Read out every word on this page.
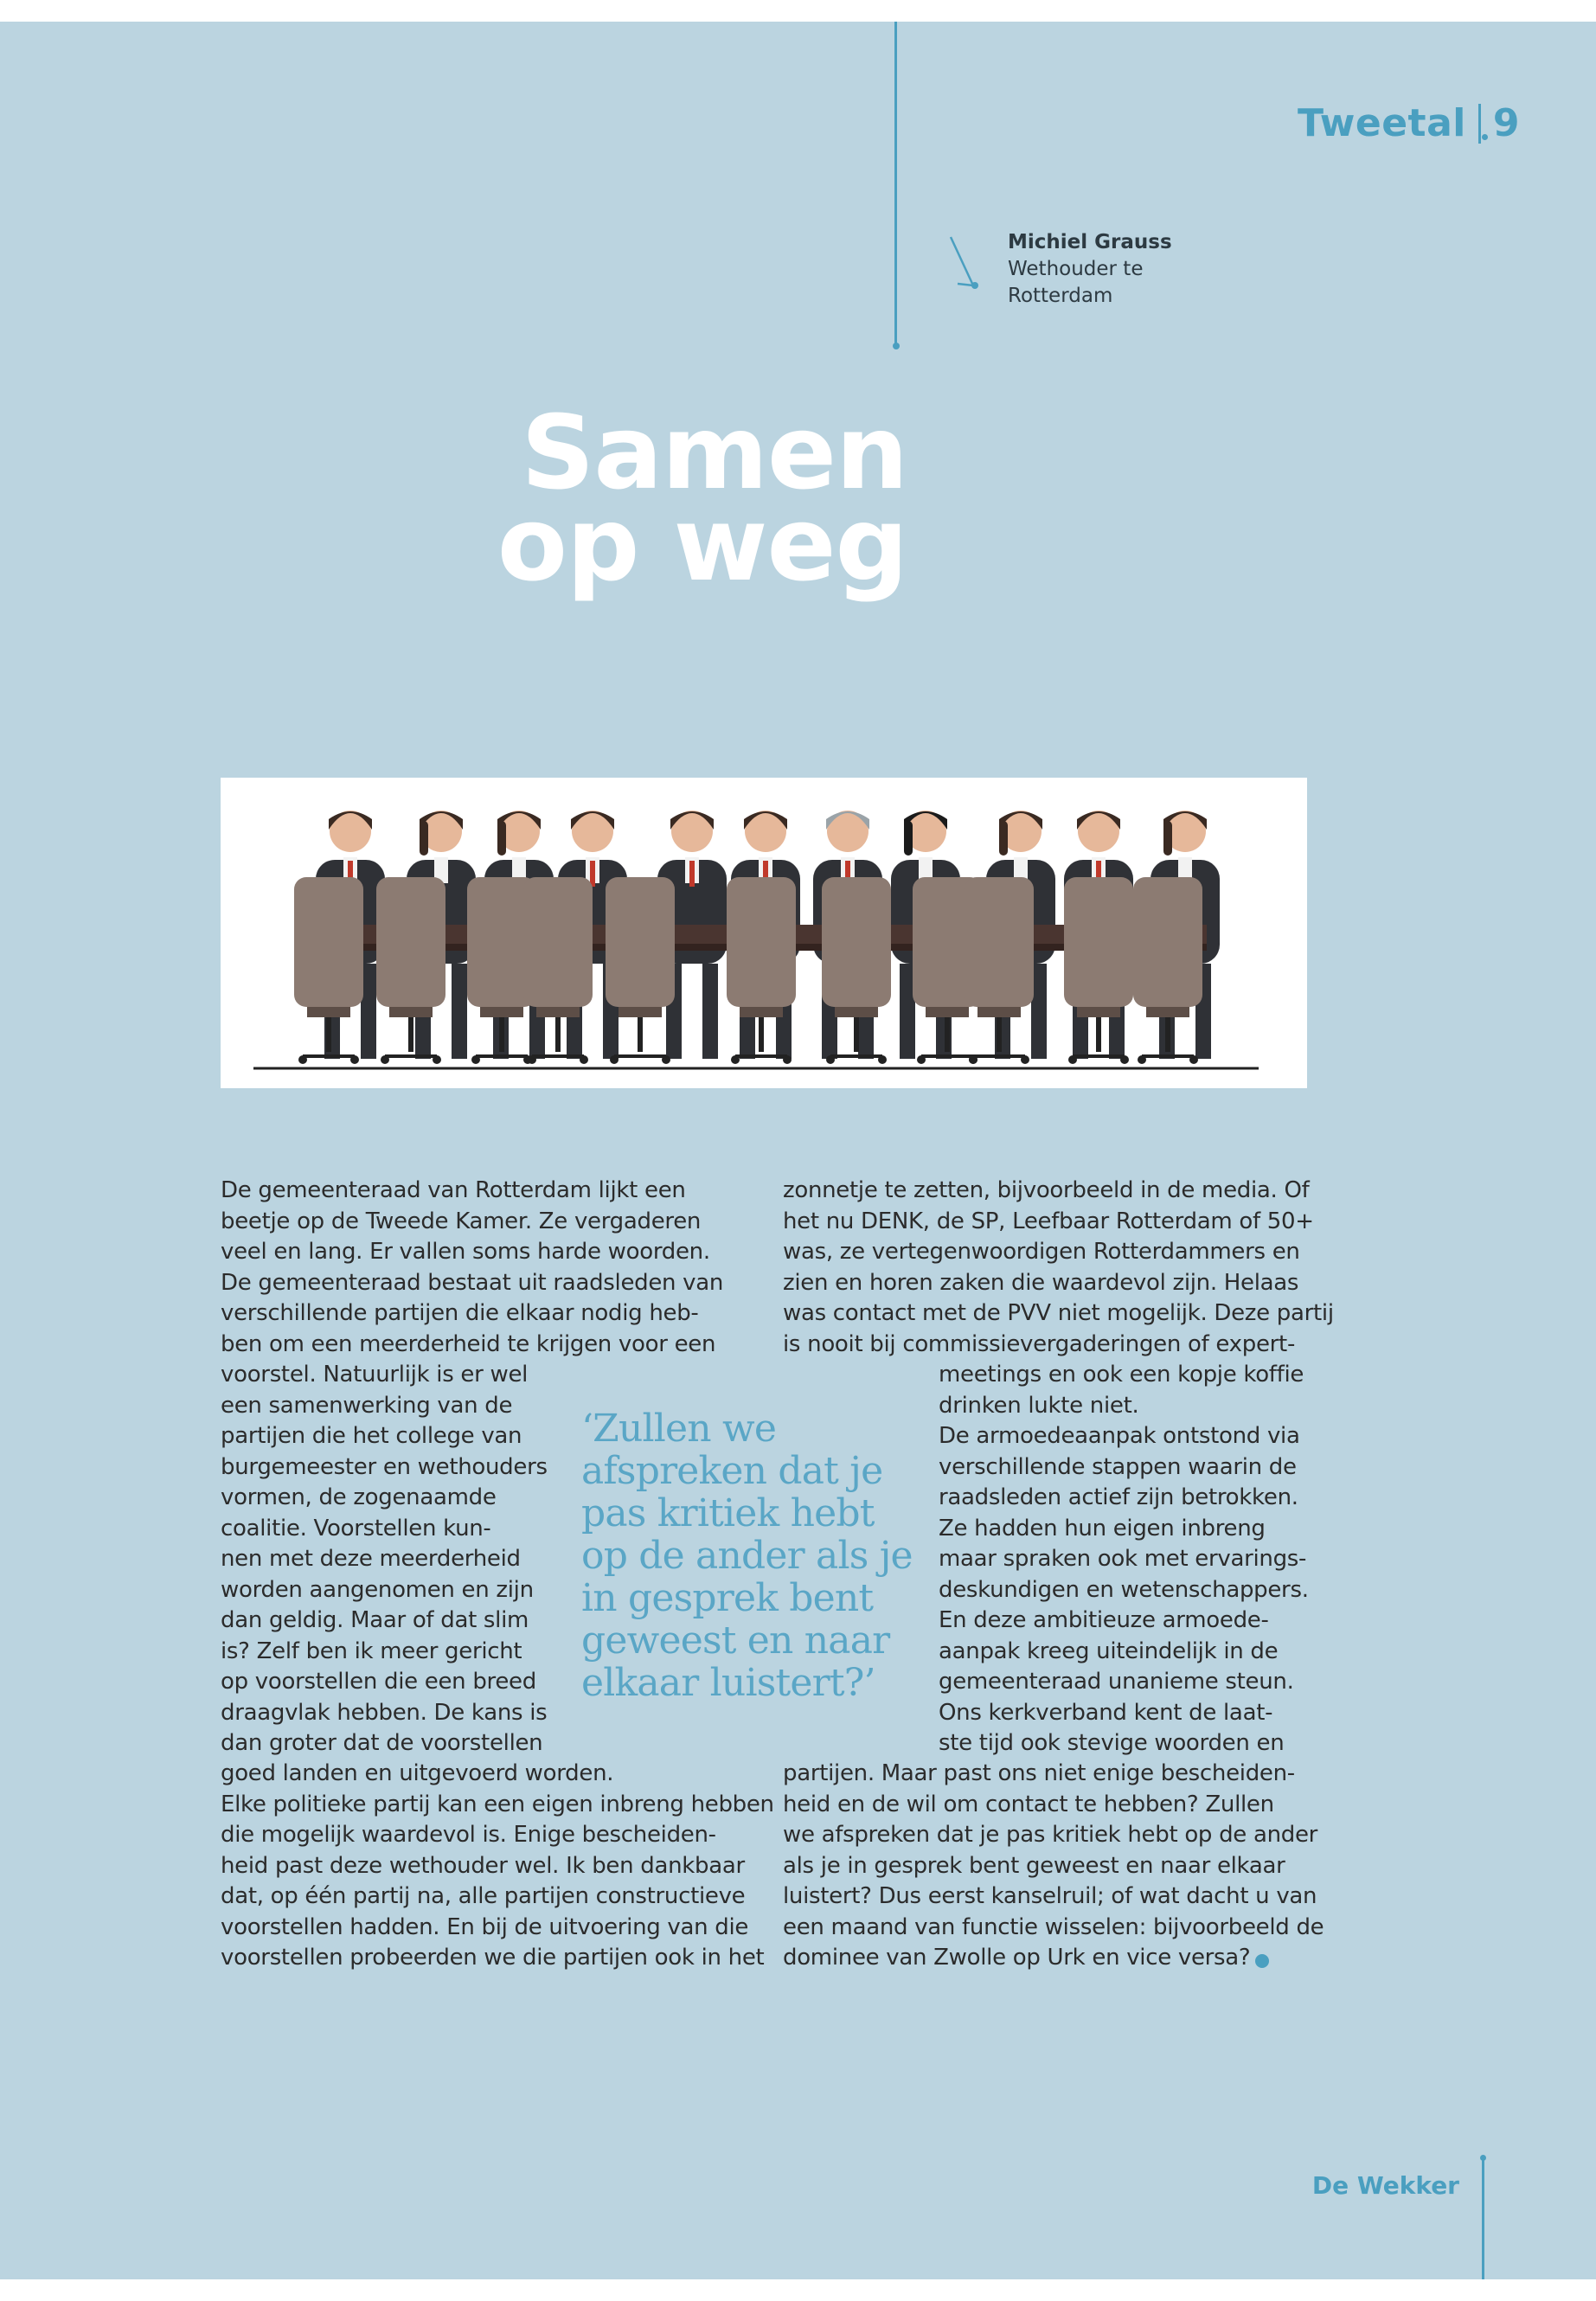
Tweetal 9
Michiel Grauss
Wethouder te
Rotterdam
Samen
op weg
De gemeenteraad van Rotterdam lijkt een
beetje op de Tweede Kamer. Ze vergaderen
veel en lang. Er vallen soms harde woorden.
De gemeenteraad bestaat uit raadsleden van
verschillende partijen die elkaar nodig heb-
ben om een meerderheid te krijgen voor een
voorstel. Natuurlijk is er wel
een samenwerking van de
partijen die het college van
burgemeester en wethouders
vormen, de zogenaamde
coalitie. Voorstellen kun-
nen met deze meerderheid
worden aangenomen en zijn
dan geldig. Maar of dat slim
is? Zelf ben ik meer gericht
op voorstellen die een breed
draagvlak hebben. De kans is
dan groter dat de voorstellen
goed landen en uitgevoerd worden.
Elke politieke partij kan een eigen inbreng hebben
die mogelijk waardevol is. Enige bescheiden-
heid past deze wethouder wel. Ik ben dankbaar
dat, op één partij na, alle partijen constructieve
voorstellen hadden. En bij de uitvoering van die
voorstellen probeerden we die partijen ook in het
zonnetje te zetten, bijvoorbeeld in de media. Of
het nu DENK, de SP, Leefbaar Rotterdam of 50+
was, ze vertegenwoordigen Rotterdammers en
zien en horen zaken die waardevol zijn. Helaas
was contact met de PVV niet mogelijk. Deze partij
is nooit bij commissievergaderingen of expert-
meetings en ook een kopje koffie
drinken lukte niet.
De armoedeaanpak ontstond via
verschillende stappen waarin de
raadsleden actief zijn betrokken.
Ze hadden hun eigen inbreng
maar spraken ook met ervarings-
deskundigen en wetenschappers.
En deze ambitieuze armoede-
aanpak kreeg uiteindelijk in de
gemeenteraad unanieme steun.
Ons kerkverband kent de laat-
ste tijd ook stevige woorden en
partijen. Maar past ons niet enige bescheiden-
heid en de wil om contact te hebben? Zullen
we afspreken dat je pas kritiek hebt op de ander
als je in gesprek bent geweest en naar elkaar
luistert? Dus eerst kanselruil; of wat dacht u van
een maand van functie wisselen: bijvoorbeeld de
dominee van Zwolle op Urk en vice versa?
‘Zullen we
afspreken dat je
pas kritiek hebt
op de ander als je
in gesprek bent
geweest en naar
elkaar luistert?’
De Wekker
